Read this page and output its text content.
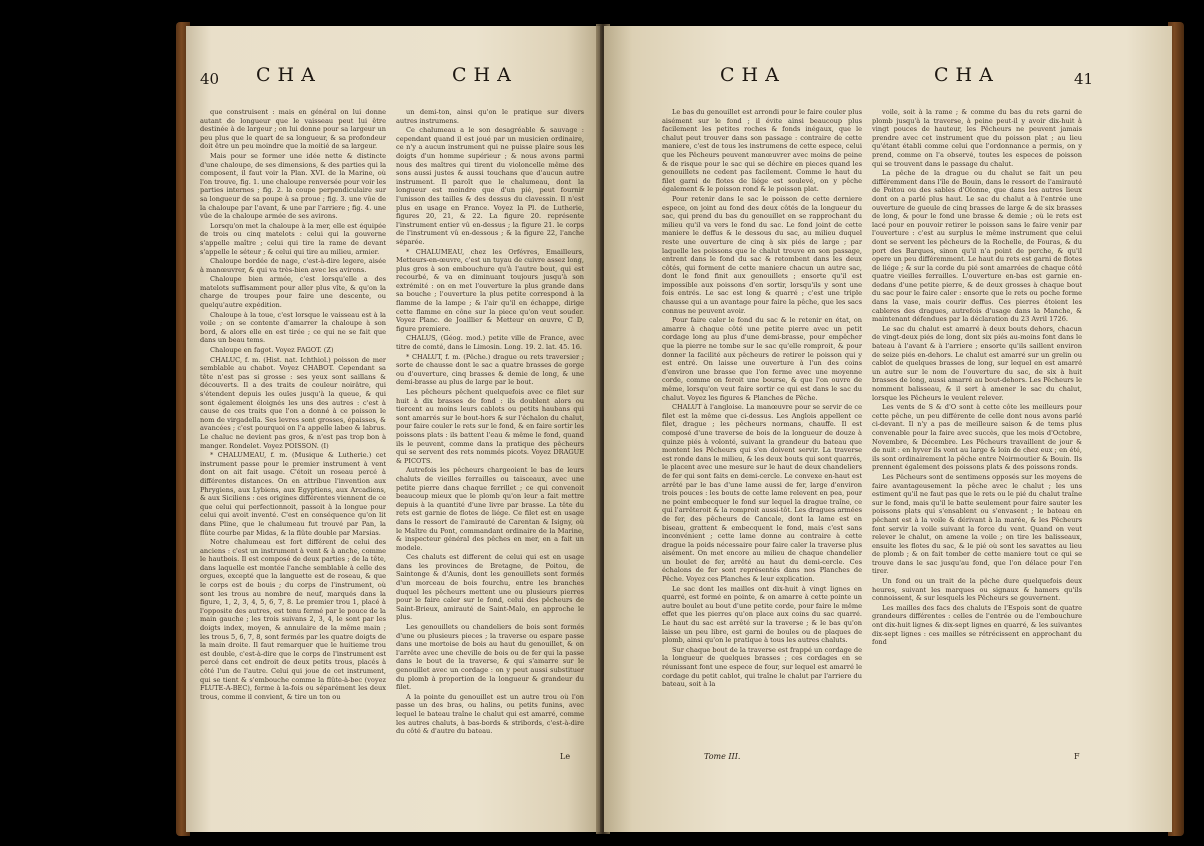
40 CHA	CHA

que construisent : mais en général on lui donne autant de longueur que le vaisseau peut lui être destinée à de largeur ; on lui donne pour sa largeur un peu plus que le quart de sa longueur, & sa profondeur doit être un peu moindre que la moitié de sa largeur.

Mais pour se former une idée nette & distincte d'une chaloupe, de ses dimensions, & des parties qui la composent, il faut voir la Plan. XVI. de la Marine, où l'on trouve, fig. 1. une chaloupe renversée pour voir les parties internes ; fig. 2. la coupe perpendiculaire sur sa longueur de sa poupe à sa proue ; fig. 3. une vûe de la chaloupe par l'avant, & une par l'arriere ; fig. 4. une vûe de la chaloupe armée de ses avirons.

Lorsqu'on met la chaloupe à la mer, elle est équipée de trois ou cinq matelots : celui qui la gouverne s'appelle maître ; celui qui tire la rame de devant s'appelle le séteur ; & celui qui tire au milieu, armier.

Chaloupe bordée de nage, c'est-à-dire legere, aisée à manœuvrer, & qui va très-bien avec les avirons.

Chaloupe bien armée, c'est lorsqu'elle a des matelots suffisamment pour aller plus vîte, & qu'on la charge de troupes pour faire une descente, ou quelqu'autre expédition.

Chaloupe à la toue, c'est lorsque le vaisseau est à la voile ; on se contente d'amarrer la chaloupe à son bord, & alors elle en est tirée ; ce qui ne se fait que dans un beau tems.

Chaloupe en fagot. Voyez FAGOT. (Z)

CHALUC, f. m. (Hist. nat. Ichthiol.) poisson de mer semblable au chabot. Voyez CHABOT. Cependant sa tête n'est pas si grosse : ses yeux sont saillans & découverts. Il a des traits de couleur noirâtre, qui s'étendent depuis les ouïes jusqu'à la queue, & qui sont également éloignés les uns des autres : c'est à cause de ces traits que l'on a donné à ce poisson le nom de virgadella. Ses levres sont grosses, épaisses, & avancées ; c'est pourquoi on l'a appelle labeo & labrus. Le chaluc ne devient pas gros, & n'est pas trop bon à manger. Rondelet. Voyez POISSON. (I)

* CHALUMEAU, f. m. (Musique & Lutherie.) cet instrument passe pour le premier instrument à vent dont on ait fait usage. C'étoit un roseau percé à différentes distances. On en attribue l'invention aux Phrygiens, aux Lybiens, aux Egyptiens, aux Arcadiens, & aux Siciliens : ces origines différentes viennent de ce que celui qui perfectionnoit, passoit à la longue pour celui qui avoit inventé. C'est en conséquence qu'on lit dans Pline, que le chalumeau fut trouvé par Pan, la flûte courbe par Midas, & la flûte double par Marsias.

Notre chalumeau est fort différent de celui des anciens : c'est un instrument à vent & à anche, comme le hautbois. Il est composé de deux parties ; de la tête, dans laquelle est montée l'anche semblable à celle des orgues, excepté que la languette est de roseau, & que le corps est de bouis ; du corps de l'instrument, où sont les trous au nombre de neuf, marqués dans la figure, 1, 2, 3, 4, 5, 6, 7, 8. Le premier trou 1, placé à l'opposite des autres, est tenu fermé par le pouce de la main gauche ; les trois suivans 2, 3, 4, le sont par les doigts index, moyen, & annulaire de la même main ; les trous 5, 6, 7, 8, sont fermés par les quatre doigts de la main droite. Il faut remarquer que le huitieme trou est double, c'est-à-dire que le corps de l'instrument est percé dans cet endroit de deux petits trous, placés à côté l'un de l'autre. Celui qui joue de cet instrument, qui se tient & s'embouche comme la flûte-à-bec (voyez FLUTE-A-BEC), ferme à la-fois ou séparément les deux trous, comme il convient, & tire un ton ou

un demi-ton, ainsi qu'on le pratique sur divers autres instrumens.

Ce chalumeau a le son desagréable & sauvage : cependant quand il est joué par un musicien ordinaire, ce n'y a aucun instrument qui ne puisse plaire sous les doigts d'un homme supérieur ; & nous avons parmi nous des maîtres qui tirent du violoncelle même des sons aussi justes & aussi touchans que d'aucun autre instrument. Il paroît que le chalumeau, dont la longueur est moindre que d'un pié, peut fournir l'unisson des tailles & des dessus du clavessin. Il n'est plus en usage en France. Voyez la Pl. de Lutherie, figures 20, 21, & 22. La figure 20. représente l'instrument entier vû en-dessus ; la figure 21. le corps de l'instrument vû en-dessous ; & la figure 22, l'anche séparée.

* CHALUMEAU, chez les Orfévres, Emailleurs, Metteurs-en-œuvre, c'est un tuyau de cuivre assez long, plus gros à son embouchure qu'à l'autre bout, qui est recourbé, & va en diminuant toujours jusqu'à son extrémité : on en met l'ouverture la plus grande dans sa bouche ; l'ouverture la plus petite correspond à la flamme de la lampe ; & l'air qu'il en échappe, dirige cette flamme en cône sur la piece qu'on veut souder. Voyez Planc. de Joaillier & Metteur en œuvre, C D, figure premiere.

CHALUS, (Géog. mod.) petite ville de France, avec titre de comté, dans le Limosin. Long. 19. 2. lat. 45. 16.

* CHALUT, f. m. (Pêche.) drague ou rets traversier ; sorte de chausse dont le sac a quatre brasses de gorge ou d'ouverture, cinq brasses & demie de long, & une demi-brasse au plus de large par le bout.

Les pêcheurs pêchent quelquefois avec ce filet sur huit à dix brasses de fond : ils doublent alors ou tiercent au moins leurs cablots ou petits haubans qui sont amarrés sur le bout-hors & sur l'échalon du chalut, pour faire couler le rets sur le fond, & en faire sortir les poissons plats : ils battent l'eau & même le fond, quand ils le peuvent, comme dans la pratique des pêcheurs qui se servent des rets nommés picots. Voyez DRAGUE & PICOTS.

Autrefois les pêcheurs chargeoient le bas de leurs chaluts de vieilles ferrailles ou taisceaux, avec une petite pierre dans chaque ferrillet ; ce qui convenoit beaucoup mieux que le plomb qu'on leur a fait mettre depuis à la quantité d'une livre par brasse. La tête du rets est garnie de flotes de liége. Ce filet est en usage dans le ressort de l'amirauté de Carentan & Isigny, où le Maître du Pont, commandant ordinaire de la Marine, & inspecteur général des pêches en mer, en a fait un modele.

Ces chaluts est different de celui qui est en usage dans les provinces de Bretagne, de Poitou, de Saintonge & d'Aunis, dont les genouillets sont formés d'un morceau de bois fourchu, entre les branches duquel les pêcheurs mettent une ou plusieurs pierres pour le faire caler sur le fond, celui des pêcheurs de Saint-Brieux, amirauté de Saint-Malo, en approche le plus.

Les genouillets ou chandeliers de bois sont formés d'une ou plusieurs pieces ; la traverse ou espare passe dans une mortoise de bois au haut du genouillet, & on l'arrête avec une cheville de bois ou de fer qui la passe dans le bout de la traverse, & qui s'amarre sur le genouillet avec un cordage : on y peut aussi substituer du plomb à proportion de la longueur & grandeur du filet.

A la pointe du genouillet est un autre trou où l'on passe un des bras, ou halins, ou petits funins, avec lequel le bateau traîne le chalut qui est amarré, comme les autres chaluts, à bas-bords & stribords, c'est-à-dire du côté & d'autre du bateau.

Le
CHA	CHA	41

Le bas du genouillet est arrondi pour le faire couler plus aisément sur le fond ; il évite ainsi beaucoup plus facilement les petites roches & fonds inégaux, que le chalut peut trouver dans son passage : contraire de cette maniere, c'est de tous les instrumens de cette espece, celui que les Pêcheurs peuvent manœuvrer avec moins de peine & de risque pour le sac qui se déchire en pieces quand les genouillets ne cedent pas facilement. Comme le haut du filet garni de flotes de liége est soulevé, on y pêche également & le poisson rond & le poisson plat.

Pour retenir dans le sac le poisson de cette derniere espece, on joint au fond des deux côtés de la longueur du sac, qui prend du bas du genouillet en se rapprochant du milieu qu'il va vers le fond du sac. Le fond joint de cette maniere le deffus & le dessous du sac, au milieu duquel reste une ouverture de cinq à six piés de large ; par laquelle les poissons que le chalut trouve en son passage, entrent dans le fond du sac & retombent dans les deux côtés, qui forment de cette maniere chacun un autre sac, dont le fond finit aux genouillets ; ensorte qu'il est impossible aux poissons d'en sortir, lorsqu'ils y sont une fois entrés. Le sac est long & quarré ; c'est une triple chausse qui a un avantage pour faire la pêche, que les sacs connus ne peuvent avoir.

Pour faire caler le fond du sac & le retenir en état, on amarre à chaque côté une petite pierre avec un petit cordage long au plus d'une demi-brasse, pour empêcher que la pierre ne tombe sur le sac qu'elle romproit, & pour donner la facilité aux pêcheurs de retirer le poisson qui y est entré. On laisse une ouverture à l'un des coins d'environ une brasse que l'on ferme avec une moyenne corde, comme on feroit une bourse, & que l'on ouvre de même, lorsqu'on veut faire sortir ce qui est dans le sac du chalut. Voyez les figures & Planches de Pêche.

CHALUT à l'angloise. La manœuvre pour se servir de ce filet est la même que ci-dessus. Les Anglois appellent ce filet, drague ; les pêcheurs normans, chauffe. Il est composé d'une traverse de bois de la longueur de douze à quinze piés à volonté, suivant la grandeur du bateau que montent les Pêcheurs qui s'en doivent servir. La traverse est ronde dans le milieu, & les deux bouts qui sont quarrés, le placent avec une mesure sur le haut de deux chandeliers de fer qui sont faits en demi-cercle. Le convexe en-haut est arrêté par le bas d'une lame aussi de fer, large d'environ trois pouces : les bouts de cette lame relevent en pea, pour ne point embecquer le fond sur lequel la drague traîne, ce qui l'arrêteroit & la romproit aussi-tôt. Les dragues armées de fer, des pêcheurs de Cancale, dont la lame est en biseau, grattent & embecquent le fond, mais c'est sans inconvénient ; cette lame donne au contraire à cette drague la poids nécessaire pour faire caler la traverse plus aisément. On met encore au milieu de chaque chandelier un boulet de fer, arrêté au haut du demi-cercle. Ces échalons de fer sont représentés dans nos Planches de Pêche. Voyez ces Planches & leur explication.

Le sac dont les mailles ont dix-huit à vingt lignes en quarré, est formé en pointe, & on amarre à cette pointe un autre boulet au bout d'une petite corde, pour faire le même effet que les pierres qu'on place aux coins du sac quarré. Le haut du sac est arrêté sur la traverse ; & le bas qu'on laisse un peu libre, est garni de boules ou de plaques de plomb, ainsi qu'on le pratique à tous les autres chaluts.

Sur chaque bout de la traverse est frappé un cordage de la longueur de quelques brasses ; ces cordages en se réunissant font une espece de four, sur lequel est amarré le cordage du petit cablot, qui traîne le chalut par l'arriere du bateau, soit à la

voile, soit à la rame ; & comme du bas du rets garni de plomb jusqu'à la traverse, à peine peut-il y avoir dix-huit à vingt pouces de hauteur, les Pêcheurs ne peuvent jamais prendre avec cet instrument que du poisson plat ; au lieu qu'étant établi comme celui que l'ordonnance a permis, on y prend, comme on l'a observé, toutes les especes de poisson qui se trouvent dans le passage du chalut.

La pêche de la drague ou du chalut se fait un peu différemment dans l'île de Bouin, dans le ressort de l'amirauté de Poitou ou des sables d'Olonne, que dans les autres lieux dont on a parlé plus haut. Le sac du chalut a à l'entrée une ouverture de gueule de cinq brasses de large & de six brasses de long, & pour le fond une brasse & demie ; où le rets est lacé pour en pouvoir retirer le poisson sans le faire venir par l'ouverture : c'est au surplus le même instrument que celui dont se servent les pêcheurs de la Rochelle, de Fouras, & du port des Barques, sinon qu'il n'a point de perche, & qu'il opere un peu différemment. Le haut du rets est garni de flotes de liége ; & sur la corde du pié sont amarrées de chaque côté quatre vieilles ferrailles. L'ouverture en-bas est garnie en-dedans d'une petite pierre, & de deux grosses à chaque bout du sac pour le faire caler : ensorte que le rets ou poche forme dans la vase, mais courir deffus. Ces pierres étoient les cableres des dragues, autrefois d'usage dans la Manche, & maintenant défendues par la déclaration du 23 Avril 1726.

Le sac du chalut est amarré à deux bouts dehors, chacun de vingt-deux piés de long, dont six piés au-moins font dans le bateau à l'avant & à l'arriere ; ensorte qu'ils saillent environ de seize piés en-dehors. Le chalut est amarré sur un grelin ou cablot de quelques brasses de long, sur lequel en est amarré un autre sur le nom de l'ouverture du sac, de six à huit brasses de long, aussi amarré au bout-dehors. Les Pêcheurs le nomment balisseau, & il sert à amener le sac du chalut, lorsque les Pêcheurs le veulent relever.

Les vents de S & d'O sont à cette côte les meilleurs pour cette pêche, un peu différente de celle dont nous avons parlé ci-devant. Il n'y a pas de meilleure saison & de tems plus convenable pour la faire avec succès, que les mois d'Octobre, Novembre, & Décembre. Les Pêcheurs travaillent de jour & de nuit : en hyver ils vont au large & loin de chez eux ; en été, ils sont ordinairement la pêche entre Noirmoutier & Bouin. Ils prennent également des poissons plats & des poissons ronds.

Les Pêcheurs sont de sentimens opposés sur les moyens de faire avantageusement la pêche avec le chalut ; les uns estiment qu'il ne faut pas que le rets ou le pié du chalut traîne sur le fond, mais qu'il le batte seulement pour faire sauter les poissons plats qui s'ensablent ou s'envasent ; le bateau en pêchant est à la voile & dérivant à la marée, & les Pêcheurs font servir la voile suivant la force du vent. Quand on veut relever le chalut, on amene la voile ; on tire les balisseaux, ensuite les flotes du sac, & le pié où sont les savattes au lieu de plomb ; & on fait tomber de cette maniere tout ce qui se trouve dans le sac jusqu'au fond, que l'on délace pour l'en tirer.

Un fond ou un trait de la pêche dure quelquefois deux heures, suivant les marques ou signaux & hamers qu'ils connoissent, & sur lesquels les Pêcheurs se gouvernent.

Les mailles des facs des chaluts de l'Espois sont de quatre grandeurs différentes : celles de l'entrée ou de l'embouchure ont dix-huit lignes & dix-sept lignes en quarré, & les suivantes dix-sept lignes : ces mailles se rétrécissent en approchant du fond

Tome III.	F
